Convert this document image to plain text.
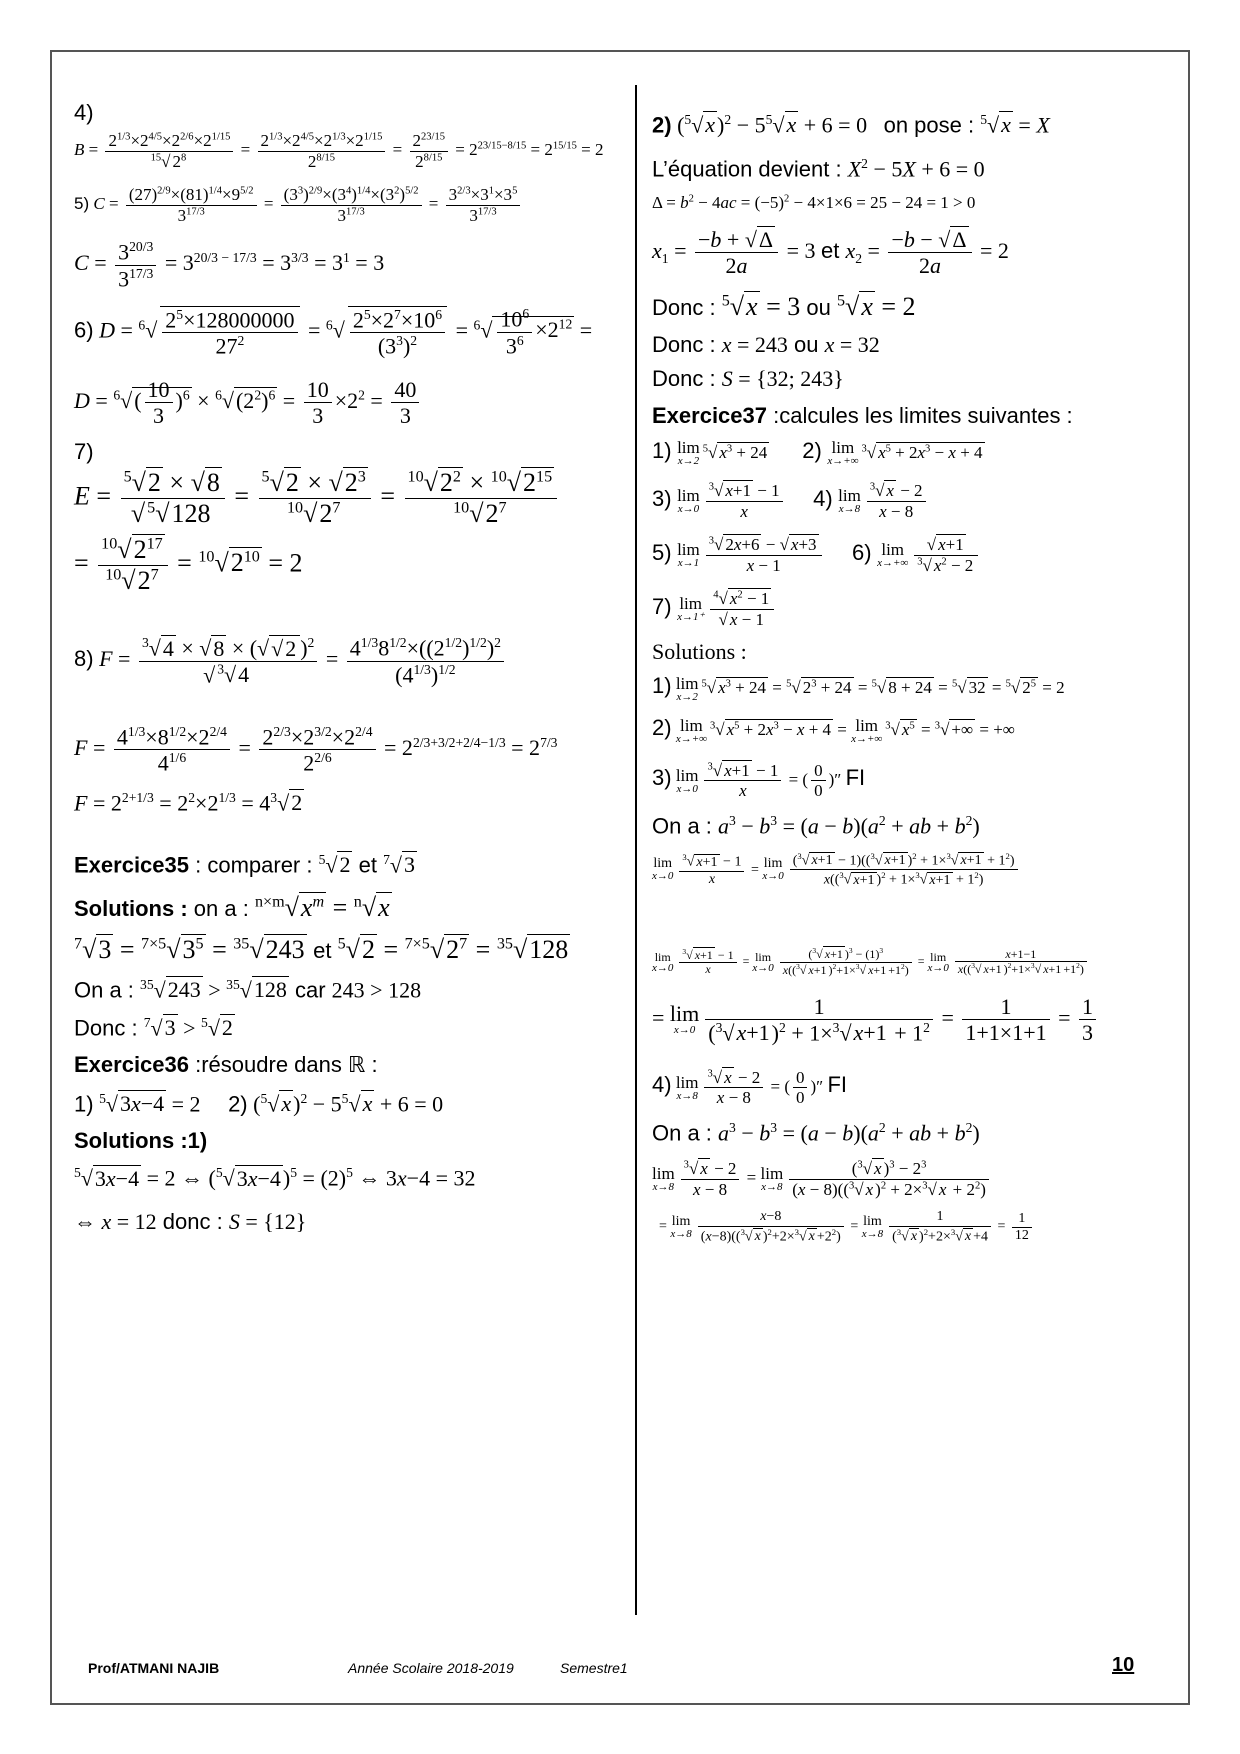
4)
$B = \frac{2^{1/3}\times 2^{4/5}\times 2^{2/6}\times 2^{1/15}}{^{15}√ 2^8} = \frac{2^{1/3}\times 2^{4/5}\times 2^{1/3}\times 2^{1/15}}{2^{8/15}} = \frac{2^{23/15}}{2^{8/15}} = 2^{23/15-8/15} = 2^{15/15} = 2$
5) $C = \frac{(27)^{2/9}\times(81)^{1/4}\times 9^{5/2}}{3^{17/3}} = \frac{(3^3)^{2/9}\times(3^4)^{1/4}\times(3^2)^{5/2}}{3^{17/3}} = \frac{3^{2/3}\times 3^1\times 3^5}{3^{17/3}}$
$C = \frac{3^{20/3}}{3^{17/3}} = 3^{20/3 - 17/3} = 3^{3/3} = 3^1 = 3$
6) $D = ^6√ \frac{2^5\times 128000000}{27^2} = ^6√ \frac{2^5\times 2^7\times 10^6}{(3^3)^2} = ^6√ \frac{10^6}{3^6} \times 2^{12}$ =
$D = ^6√( \frac{10}{3} )^6 \times ^6√(2^2)^6 = \frac{10}{3} \times 2^2 = \frac{40}{3}$
7)
$E = \frac{^5√2 \times √8}{√ ^5√128} = \frac{^5√2 \times √2^3}{^{10}√2^7} = \frac{^{10}√2^2 \times ^{10}√2^{15}}{^{10}√2^7}$
= $\frac{^{10}√2^{17}}{^{10}√2^7} = ^{10}√2^{10} = 2$
8) $F = \frac{^3√4 \times √8 \times (√√2 )^2}{√ ^3√4} = \frac{4^{1/3}8^{1/2}\times((2^{1/2})^{1/2})^2}{(4^{1/3})^{1/2}}$
$F = \frac{4^{1/3}\times 8^{1/2}\times 2^{2/4}}{4^{1/6}} = \frac{2^{2/3}\times 2^{3/2}\times 2^{2/4}}{2^{2/6}} = 2^{2/3+3/2+2/4-1/3} = 2^{7/3}$
$F = 2^{2+1/3} = 2^2\times 2^{1/3} = 4^3√2$
Exercice35 : comparer : $^5$√2 et $^7$√3
Solutions : on a : $^{n\times m}√x^m = ^n√x$
$^7√3 = ^{7\times 5}√3^5 = ^{35}√243$ et $^5√2 = ^{7\times 5}√2^7 = ^{35}√128$
On a : $^{35}$√243 > $^{35}$√128 car 243 > 128
Donc : $^7$√3 > $^5$√2
Exercice36 :résoudre dans ℝ :
1) $^5$√3x−4 = 2     2) $(^5√x)^2 - 5^5√x + 6 = 0$
Solutions :1)
$^5$√3x−4 = 2 ⇔ $(^5√3x-4)^5 = (2)^5$ ⇔ 3x−4 = 32
⇔ x = 12 donc : S = {12}
2) $(^5√x)^2 - 5^5√x + 6 = 0$   on pose : $^5$√x = X
L’équation devient : $X^2 - 5X + 6 = 0$
$\Delta = b^2 - 4ac = (-5)^2 - 4\times 1\times 6 = 25 - 24 = 1 > 0$
$x_1 = \frac{-b + √\Delta}{2a} = 3$ et $x_2 = \frac{-b - √\Delta}{2a} = 2$
Donc : $^5$√x = 3 ou $^5$√x = 2
Donc : x = 243 ou x = 32
Donc : S = {32; 243}
Exercice37 :calcules les limites suivantes :
1) lim
x→2
$^5$√ $x^3 + 24$ 2) lim
x→+∞
$^3$√ $x^5 + 2x^3 - x + 4$
3) lim
$x\to 0 \frac{^3√ x+1 - 1}{x} 4$) lim
$x\to 8 \frac{^3√ x - 2}{x - 8}$
5) lim
$x\to 1 \frac{^3√ 2x+6 - √ x+3}{x - 1} 6$) lim
$x\to+\infty \frac{√ x+1}{^3√ x^2 - 2}$
7) lim
$x\to 1^+ \frac{^4√ x^2 - 1}{√ x - 1}$
Solutions :
1) lim
x→2
$^5$√ $x^3 + 24 = ^5√$ $2^3 + 24 = ^5√$ 8 + 24 = $^5$√ 32 = $^5$√ $2^5 = 2$
2) lim
x→+∞
$^3$√ $x^5 + 2x^3 - x + 4 = \lim$
x→+∞
$^3$√ $x^5 = ^3√$ +∞ = +∞
3) lim
$x\to 0 \frac{^3√ x+1 - 1}{x}$ = ( $\frac{0}{0}$ )″ FI
On a : $a^3 - b^3 = (a - b)(a^2$ + ab + $b^2$)
lim
$x\to 0 \frac{^3√ x+1 - 1}{x} = \lim$
$x\to 0 \frac{(^3√ x+1 - 1)((^3√ x+1 )^2 + 1\times^3√ x+1 + 1^2)}{x((^3√ x+1 )^2 + 1\times^3√ x+1 + 1^2)}$
lim
$x\to 0 \frac{^3√ x+1 - 1}{x} = \lim$
$x\to 0 \frac{(^3√ x+1 )^3 - (1)^3}{x((^3√ x+1 )^2+1\times^3√ x+1 +1^2)} = \lim$
$x\to 0 \frac{x+1-1}{x((^3√ x+1 )^2+1\times^3√ x+1 +1^2)}$
= lim
$x\to 0 \frac{1}{(^3√x+1)^2 + 1\times^3√x+1 + 1^2} = \frac{1}{1+1\times 1+1} = \frac{1}{3}$
4) lim
$x\to 8 \frac{^3√ x - 2}{x - 8}$ = ( $\frac{0}{0}$ )″ FI
On a : $a^3 - b^3 = (a - b)(a^2$ + ab + $b^2$)
lim
$x\to 8 \frac{^3√ x - 2}{x - 8} = \lim$
$x\to 8 \frac{(^3√ x )^3 - 2^3}{(x - 8)((^3√ x )^2 + 2\times^3√ x + 2^2)}$
= lim
$x\to 8 \frac{x-8}{(x-8)((^3√ x )^2+2\times^3√ x +2^2)} = \lim$
$x\to 8 \frac{1}{(^3√ x )^2+2\times^3√ x +4} = \frac{1}{12}$
Prof/ATMANI NAJIB	Année Scolaire 2018-2019	Semestre1	10
